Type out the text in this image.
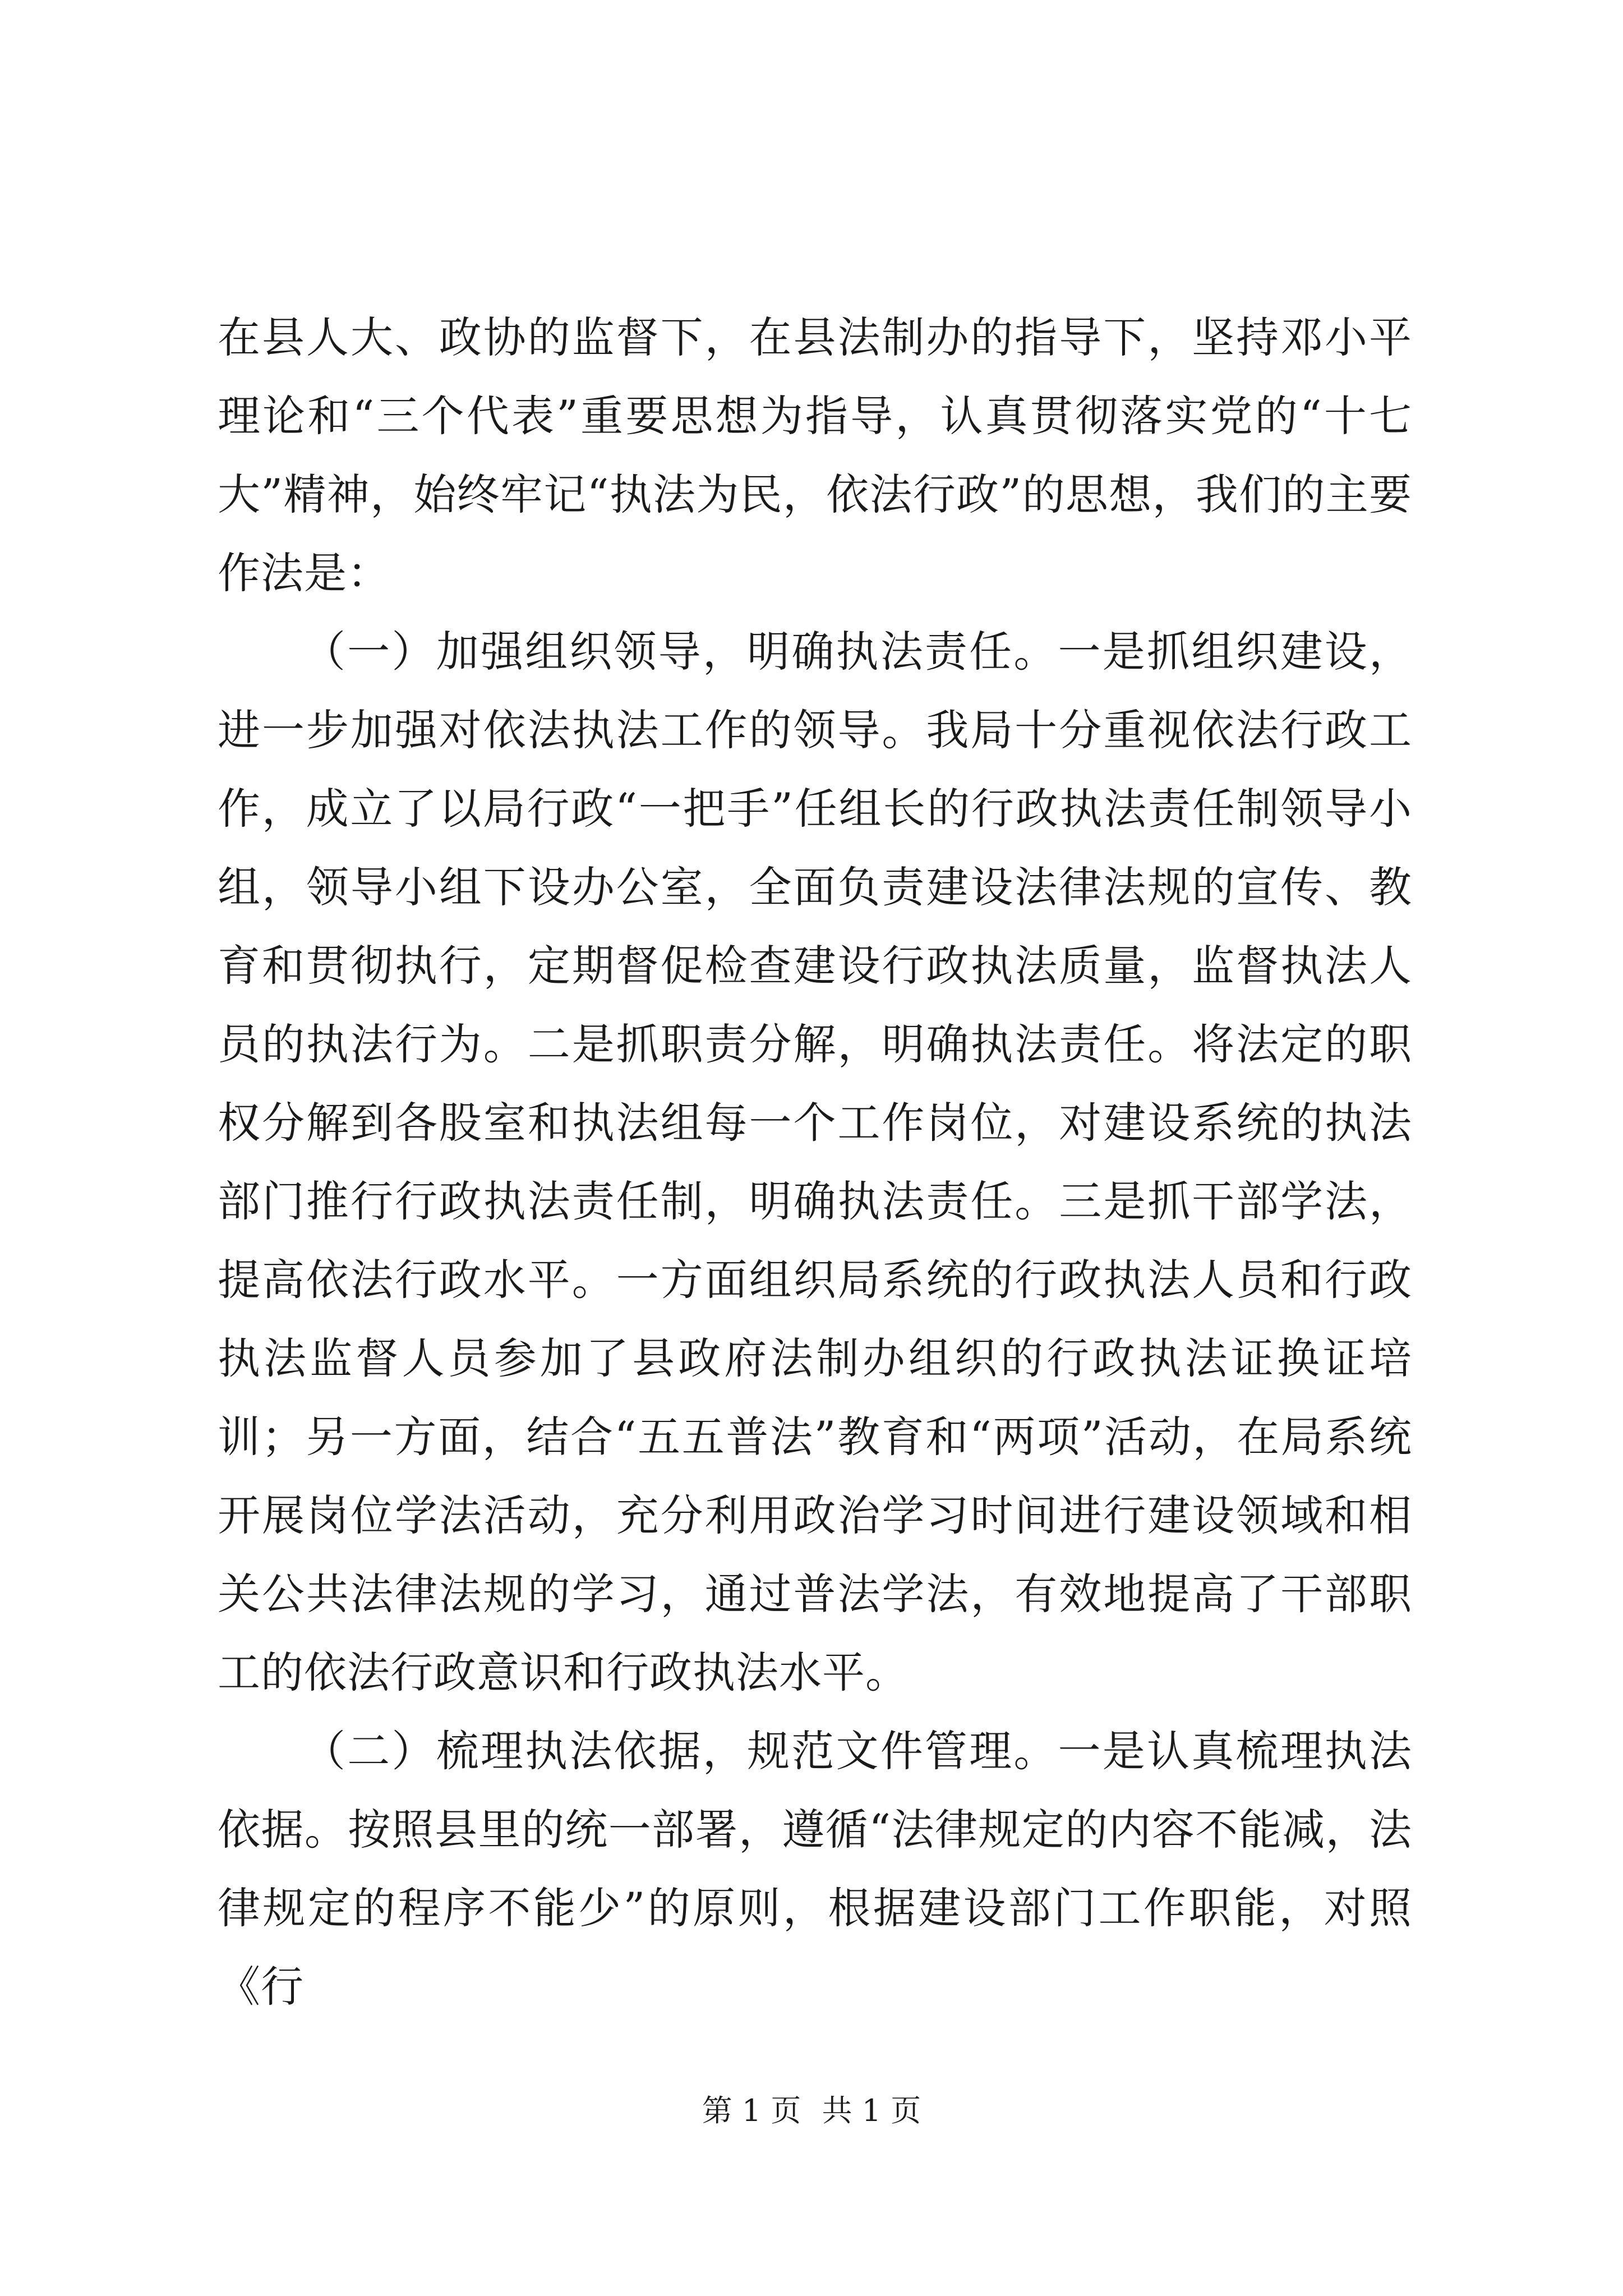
在县人大、政协的监督下，在县法制办的指导下，坚持邓小平理论和“三个代表”重要思想为指导，认真贯彻落实党的“十七大”精神，始终牢记“执法为民，依法行政”的思想，我们的主要作法是：

（一）加强组织领导，明确执法责任。一是抓组织建设，进一步加强对依法执法工作的领导。我局十分重视依法行政工作，成立了以局行政“一把手”任组长的行政执法责任制领导小组，领导小组下设办公室，全面负责建设法律法规的宣传、教育和贯彻执行，定期督促检查建设行政执法质量，监督执法人员的执法行为。二是抓职责分解，明确执法责任。将法定的职权分解到各股室和执法组每一个工作岗位，对建设系统的执法部门推行行政执法责任制，明确执法责任。三是抓干部学法，提高依法行政水平。一方面组织局系统的行政执法人员和行政执法监督人员参加了县政府法制办组织的行政执法证换证培训；另一方面，结合“五五普法”教育和“两项”活动，在局系统开展岗位学法活动，充分利用政治学习时间进行建设领域和相关公共法律法规的学习，通过普法学法，有效地提高了干部职工的依法行政意识和行政执法水平。

（二）梳理执法依据，规范文件管理。一是认真梳理执法依据。按照县里的统一部署，遵循“法律规定的内容不能减，法律规定的程序不能少”的原则，根据建设部门工作职能，对照《行

第 1 页 共 1 页
